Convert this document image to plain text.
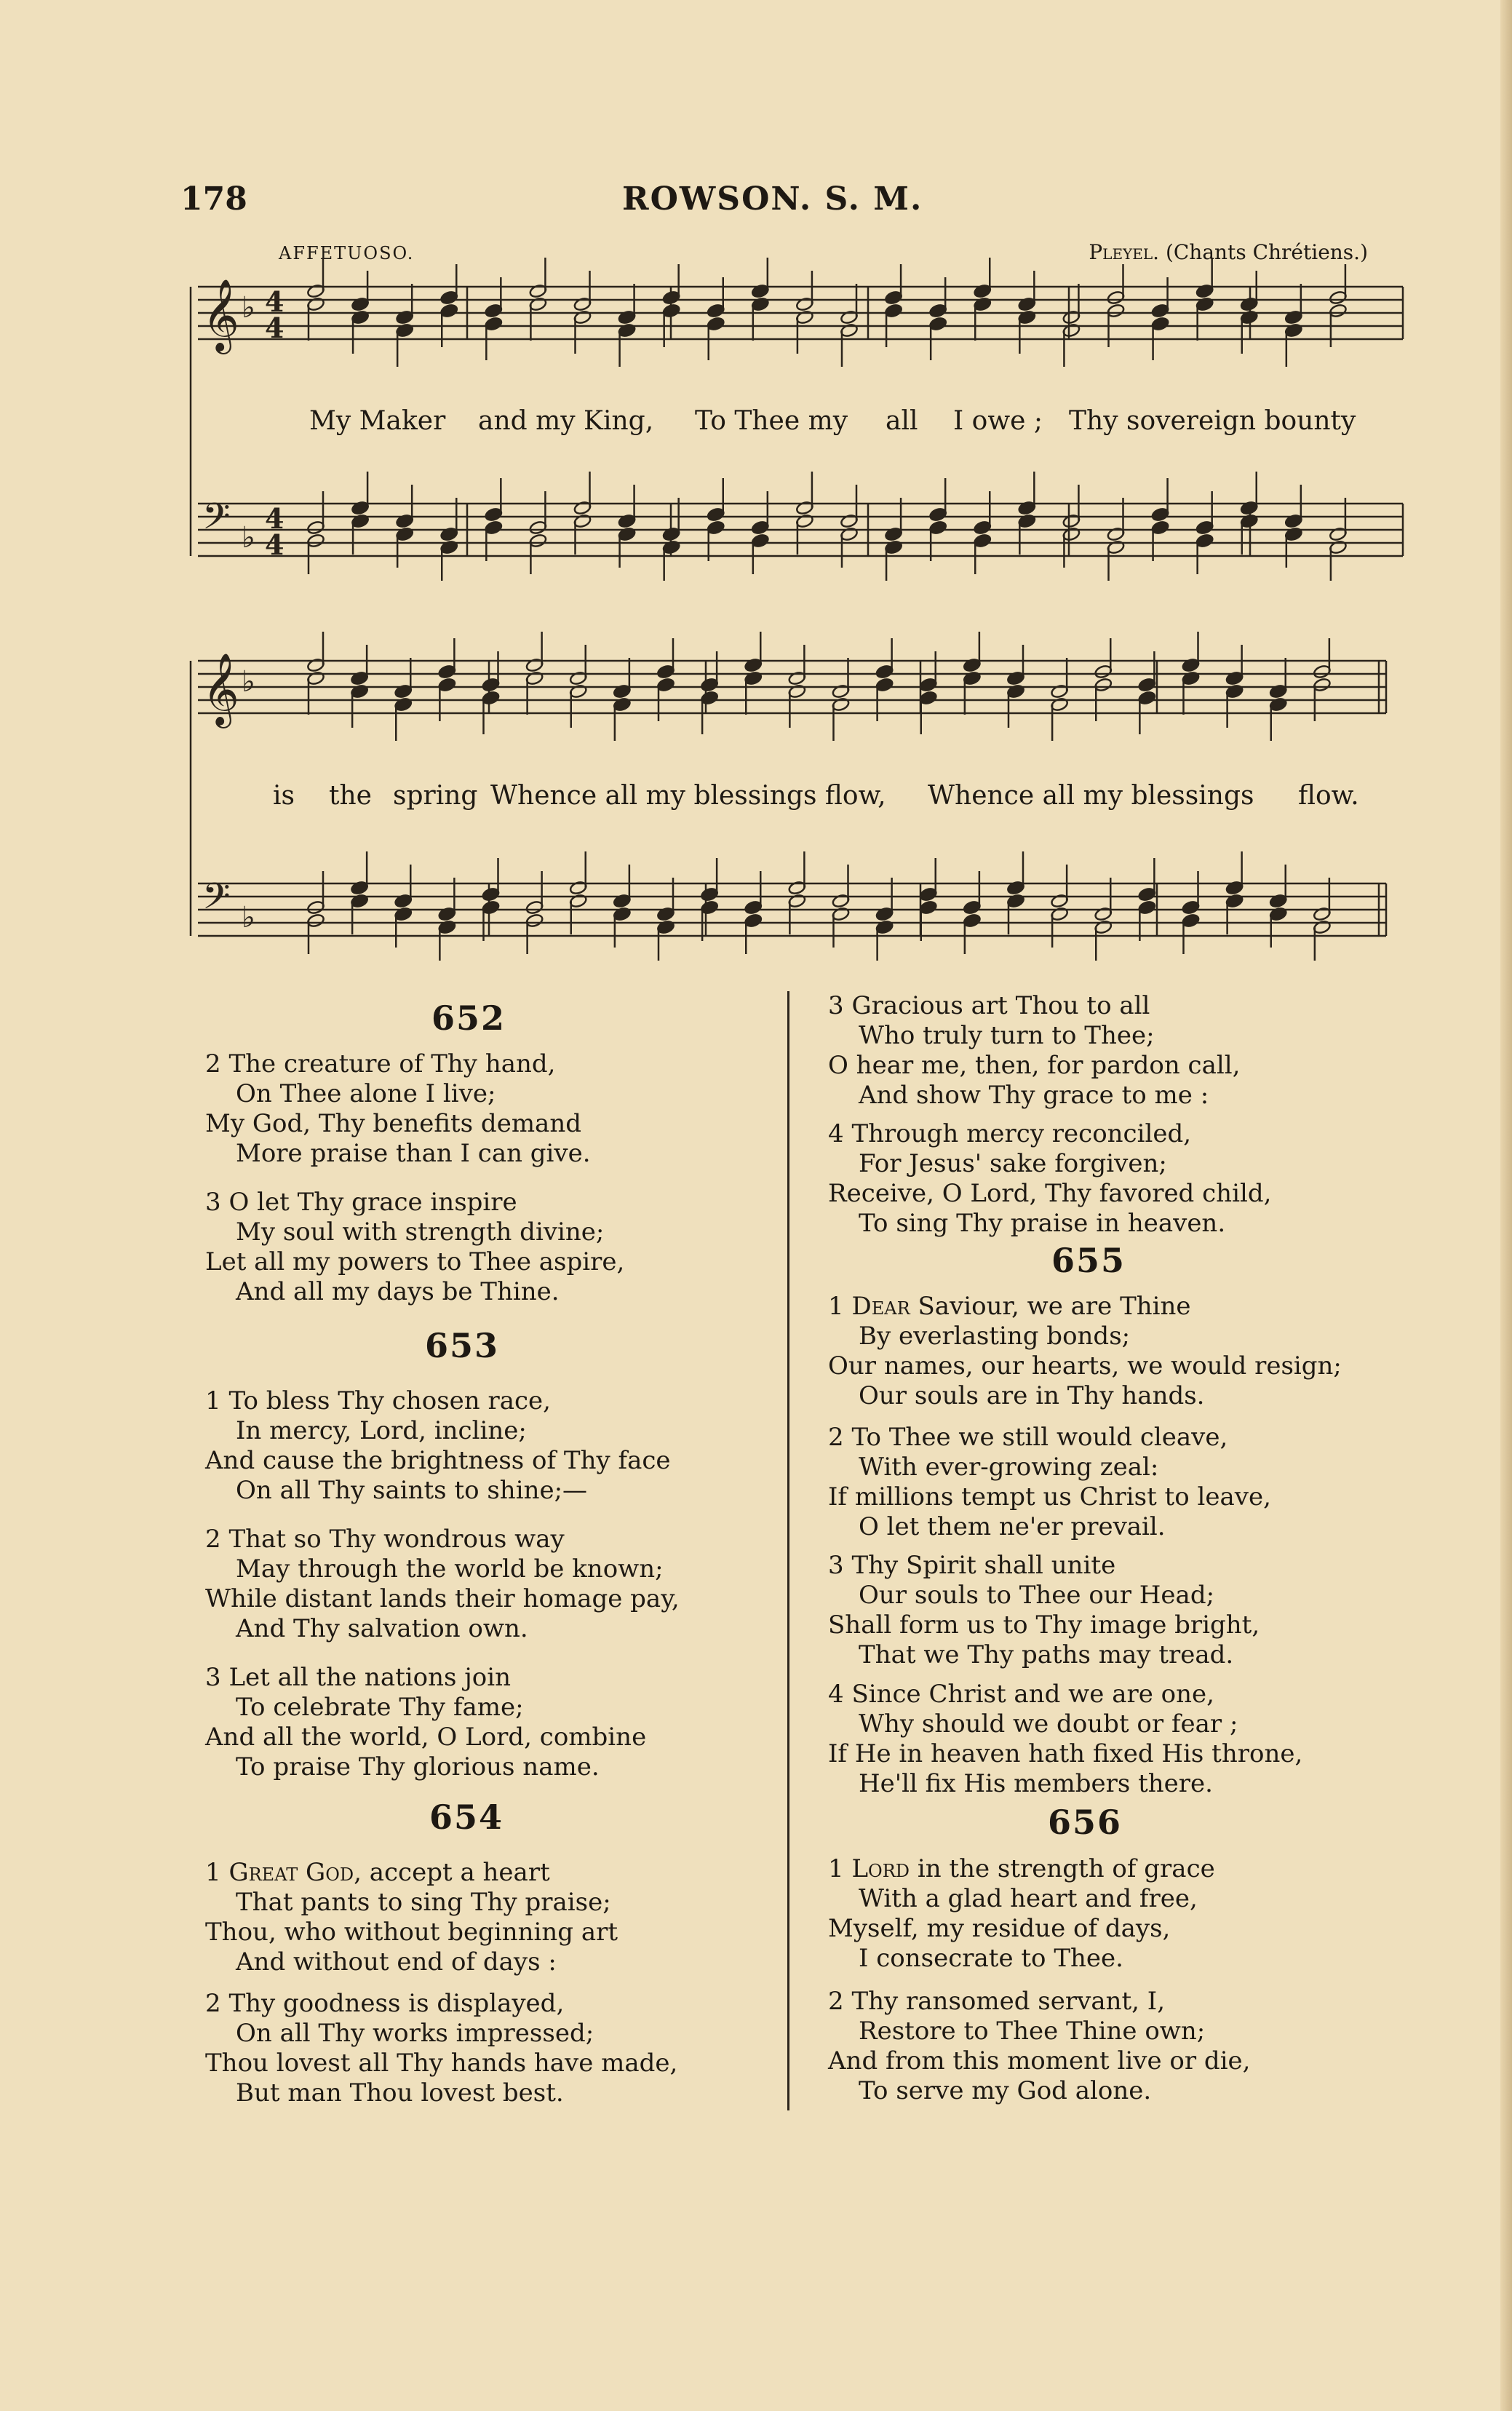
178	ROWSON. S. M.
AFFETUOSO.	Pleyel. (Chants Chrétiens.)
𝄞 ♭ 4
4
𝄢 ♭
4
4
𝄞 ♭
𝄢 ♭
My Maker and my King, To Thee my all I owe ; Thy sovereign bounty
is the spring Whence all my blessings flow, Whence all my blessings flow.
652
2 The creature of Thy hand,
On Thee alone I live;
My God, Thy benefits demand
More praise than I can give.
3 O let Thy grace inspire
My soul with strength divine;
Let all my powers to Thee aspire,
And all my days be Thine.
653
1 To bless Thy chosen race,
In mercy, Lord, incline;
And cause the brightness of Thy face
On all Thy saints to shine;—
2 That so Thy wondrous way
May through the world be known;
While distant lands their homage pay,
And Thy salvation own.
3 Let all the nations join
To celebrate Thy fame;
And all the world, O Lord, combine
To praise Thy glorious name.
654
1 Great God, accept a heart
That pants to sing Thy praise;
Thou, who without beginning art
And without end of days :
2 Thy goodness is displayed,
On all Thy works impressed;
Thou lovest all Thy hands have made,
But man Thou lovest best.
3 Gracious art Thou to all
Who truly turn to Thee;
O hear me, then, for pardon call,
And show Thy grace to me :
4 Through mercy reconciled,
For Jesus' sake forgiven;
Receive, O Lord, Thy favored child,
To sing Thy praise in heaven.
655
1 Dear Saviour, we are Thine
By everlasting bonds;
Our names, our hearts, we would resign;
Our souls are in Thy hands.
2 To Thee we still would cleave,
With ever-growing zeal:
If millions tempt us Christ to leave,
O let them ne'er prevail.
3 Thy Spirit shall unite
Our souls to Thee our Head;
Shall form us to Thy image bright,
That we Thy paths may tread.
4 Since Christ and we are one,
Why should we doubt or fear ;
If He in heaven hath fixed His throne,
He'll fix His members there.
656
1 Lord in the strength of grace
With a glad heart and free,
Myself, my residue of days,
I consecrate to Thee.
2 Thy ransomed servant, I,
Restore to Thee Thine own;
And from this moment live or die,
To serve my God alone.
